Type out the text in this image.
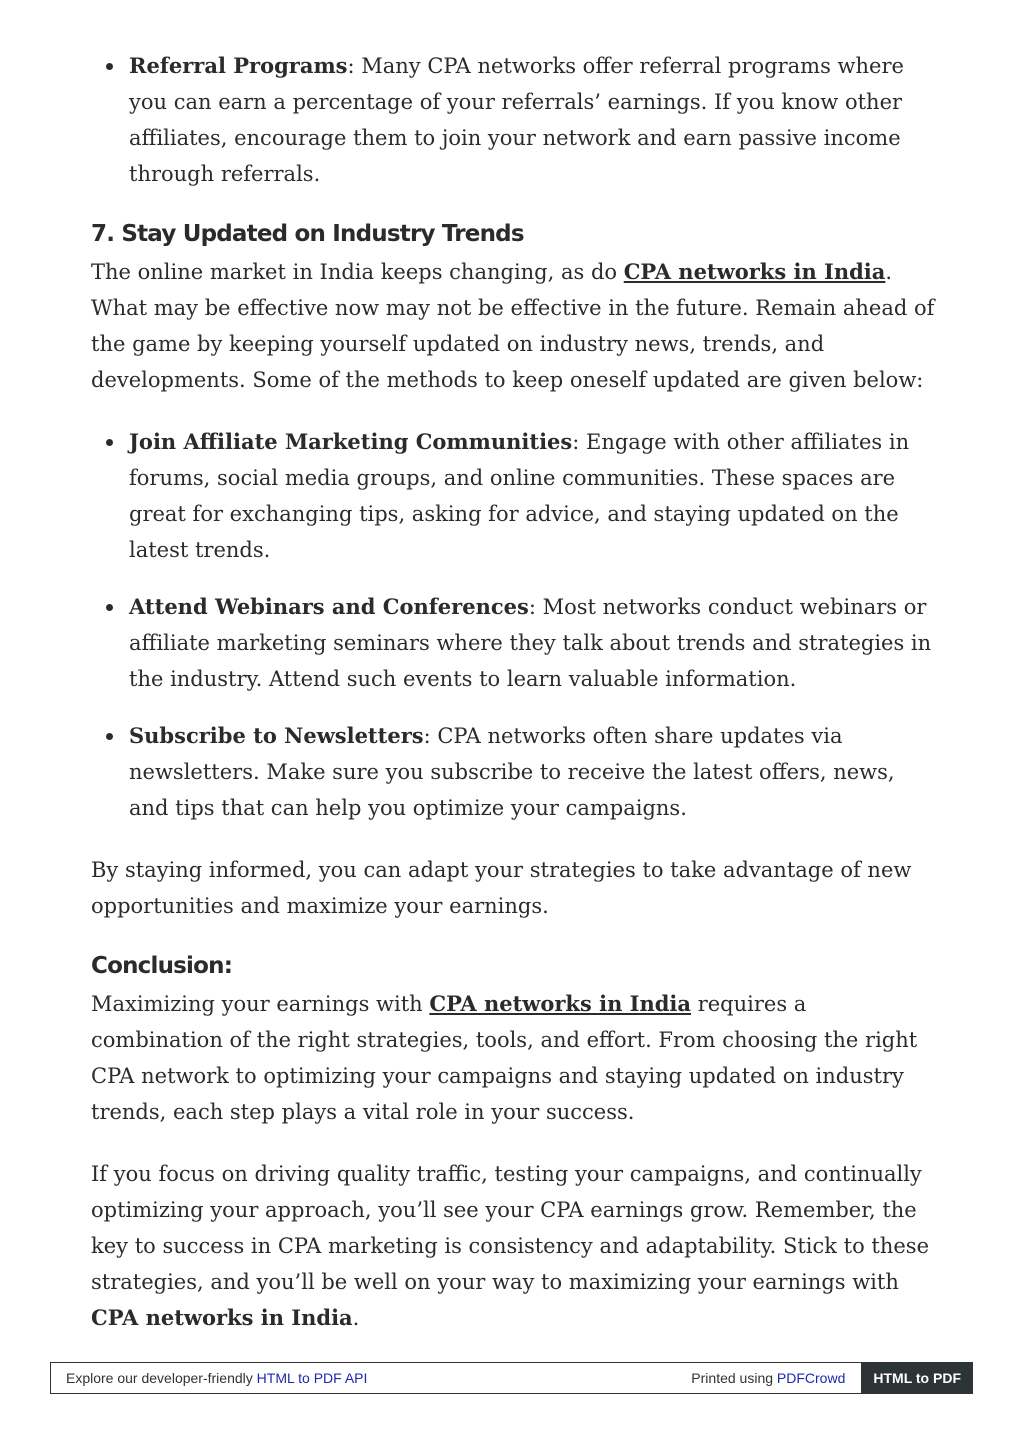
Referral Programs: Many CPA networks offer referral programs where you can earn a percentage of your referrals’ earnings. If you know other affiliates, encourage them to join your network and earn passive income through referrals.
7. Stay Updated on Industry Trends

The online market in India keeps changing, as do CPA networks in India. What may be effective now may not be effective in the future. Remain ahead of the game by keeping yourself updated on industry news, trends, and developments. Some of the methods to keep oneself updated are given below:

Join Affiliate Marketing Communities: Engage with other affiliates in forums, social media groups, and online communities. These spaces are great for exchanging tips, asking for advice, and staying updated on the latest trends.
Attend Webinars and Conferences: Most networks conduct webinars or affiliate marketing seminars where they talk about trends and strategies in the industry. Attend such events to learn valuable information.
Subscribe to Newsletters: CPA networks often share updates via newsletters. Make sure you subscribe to receive the latest offers, news, and tips that can help you optimize your campaigns.

By staying informed, you can adapt your strategies to take advantage of new opportunities and maximize your earnings.

Conclusion:

Maximizing your earnings with CPA networks in India requires a combination of the right strategies, tools, and effort. From choosing the right CPA network to optimizing your campaigns and staying updated on industry trends, each step plays a vital role in your success.

If you focus on driving quality traffic, testing your campaigns, and continually optimizing your approach, you’ll see your CPA earnings grow. Remember, the key to success in CPA marketing is consistency and adaptability. Stick to these strategies, and you’ll be well on your way to maximizing your earnings with CPA networks in India.

Explore our developer-friendly HTML to PDF API	Printed using PDFCrowd	HTML to PDF
